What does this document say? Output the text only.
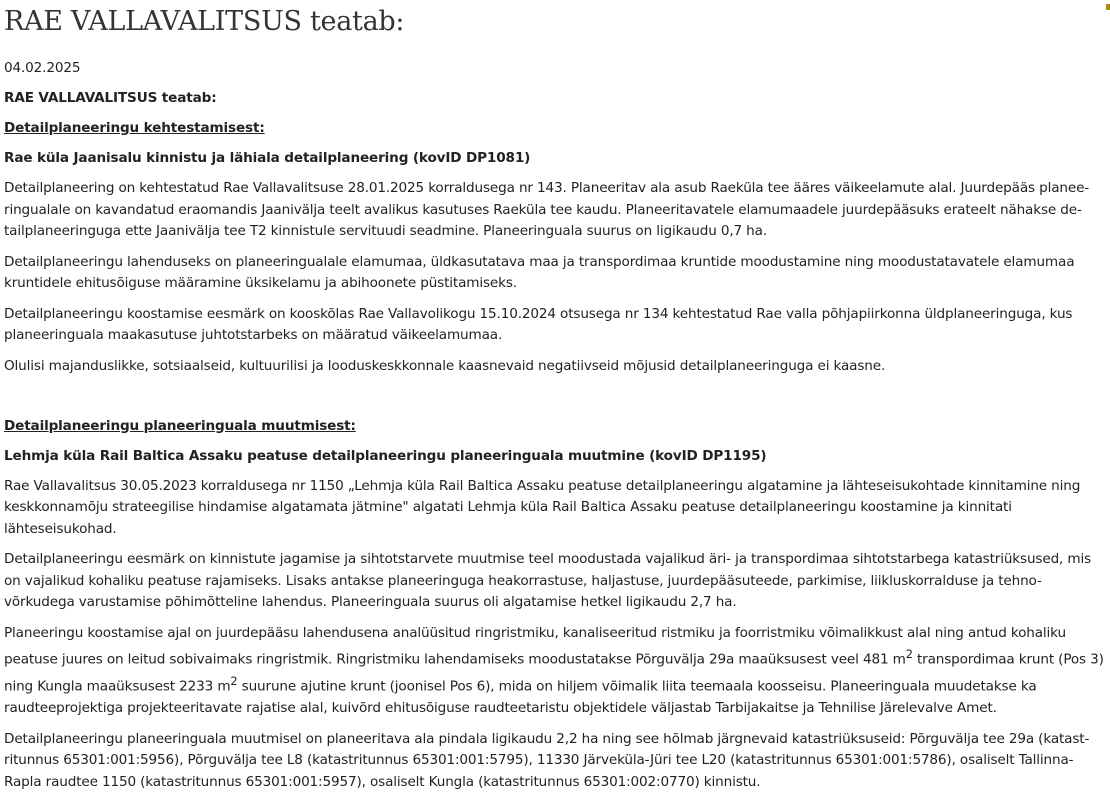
RAE VALLAVALITSUS teatab:

04.02.2025

RAE VALLAVALITSUS teatab:

Detailplaneeringu kehtestamisest:

Rae küla Jaanisalu kinnistu ja lähiala detailplaneering (kovID DP1081)

Detailplaneering on kehtestatud Rae Vallavalitsuse 28.01.2025 korraldusega nr 143. Planeeritav ala asub Raeküla tee ääres väikeelamute alal. Juurdepääs planee-ringualale on kavandatud eraomandis Jaanivälja teelt avalikus kasutuses Raeküla tee kaudu. Planeeritavatele elamumaadele juurdepääsuks erateelt nähakse de-tailplaneeringuga ette Jaanivälja tee T2 kinnistule servituudi seadmine. Planeeringuala suurus on ligikaudu 0,7 ha.

Detailplaneeringu lahenduseks on planeeringualale elamumaa, üldkasutatava maa ja transpordimaa kruntide moodustamine ning moodustatavatele elamumaa kruntidele ehitusõiguse määramine üksikelamu ja abihoonete püstitamiseks.

Detailplaneeringu koostamise eesmärk on kooskõlas Rae Vallavolikogu 15.10.2024 otsusega nr 134 kehtestatud Rae valla põhjapiirkonna üldplaneeringuga, kus planeeringuala maakasutuse juhtotstarbeks on määratud väikeelamumaa.

Olulisi majanduslikke, sotsiaalseid, kultuurilisi ja looduskeskkonnale kaasnevaid negatiivseid mõjusid detailplaneeringuga ei kaasne.

Detailplaneeringu planeeringuala muutmisest:

Lehmja küla Rail Baltica Assaku peatuse detailplaneeringu planeeringuala muutmine (kovID DP1195)

Rae Vallavalitsus 30.05.2023 korraldusega nr 1150 „Lehmja küla Rail Baltica Assaku peatuse detailplaneeringu algatamine ja lähteseisukohtade kinnitamine ning keskkonnamõju strateegilise hindamise algatamata jätmine" algatati Lehmja küla Rail Baltica Assaku peatuse detailplaneeringu koostamine ja kinnitati lähteseisukohad.

Detailplaneeringu eesmärk on kinnistute jagamise ja sihtotstarvete muutmise teel moodustada vajalikud äri- ja transpordimaa sihtotstarbega katastriüksused, mis on vajalikud kohaliku peatuse rajamiseks. Lisaks antakse planeeringuga heakorrastuse, haljastuse, juurdepääsuteede, parkimise, liikluskorralduse ja tehno-võrkudega varustamise põhimõtteline lahendus. Planeeringuala suurus oli algatamise hetkel ligikaudu 2,7 ha.

Planeeringu koostamise ajal on juurdepääsu lahendusena analüüsitud ringristmiku, kanaliseeritud ristmiku ja foorristmiku võimalikkust alal ning antud kohaliku peatuse juures on leitud sobivaimaks ringristmik. Ringristmiku lahendamiseks moodustatakse Põrguvälja 29a maaüksusest veel 481 $m^2$ transpordimaa krunt (Pos 3) ning Kungla maaüksusest 2233 $m^2$ suurune ajutine krunt (joonisel Pos 6), mida on hiljem võimalik liita teemaala koosseisu. Planeeringuala muudetakse ka raudteeprojektiga projekteeritavate rajatise alal, kuivõrd ehitusõiguse raudteetaristu objektidele väljastab Tarbijakaitse ja Tehnilise Järelevalve Amet.

Detailplaneeringu planeeringuala muutmisel on planeeritava ala pindala ligikaudu 2,2 ha ning see hõlmab järgnevaid katastriüksuseid: Põrguvälja tee 29a (katast-ritunnus 65301:001:5956), Põrguvälja tee L8 (katastritunnus 65301:001:5795), 11330 Järveküla-Jüri tee L20 (katastritunnus 65301:001:5786), osaliselt Tallinna-Rapla raudtee 1150 (katastritunnus 65301:001:5957), osaliselt Kungla (katastritunnus 65301:002:0770) kinnistu.
